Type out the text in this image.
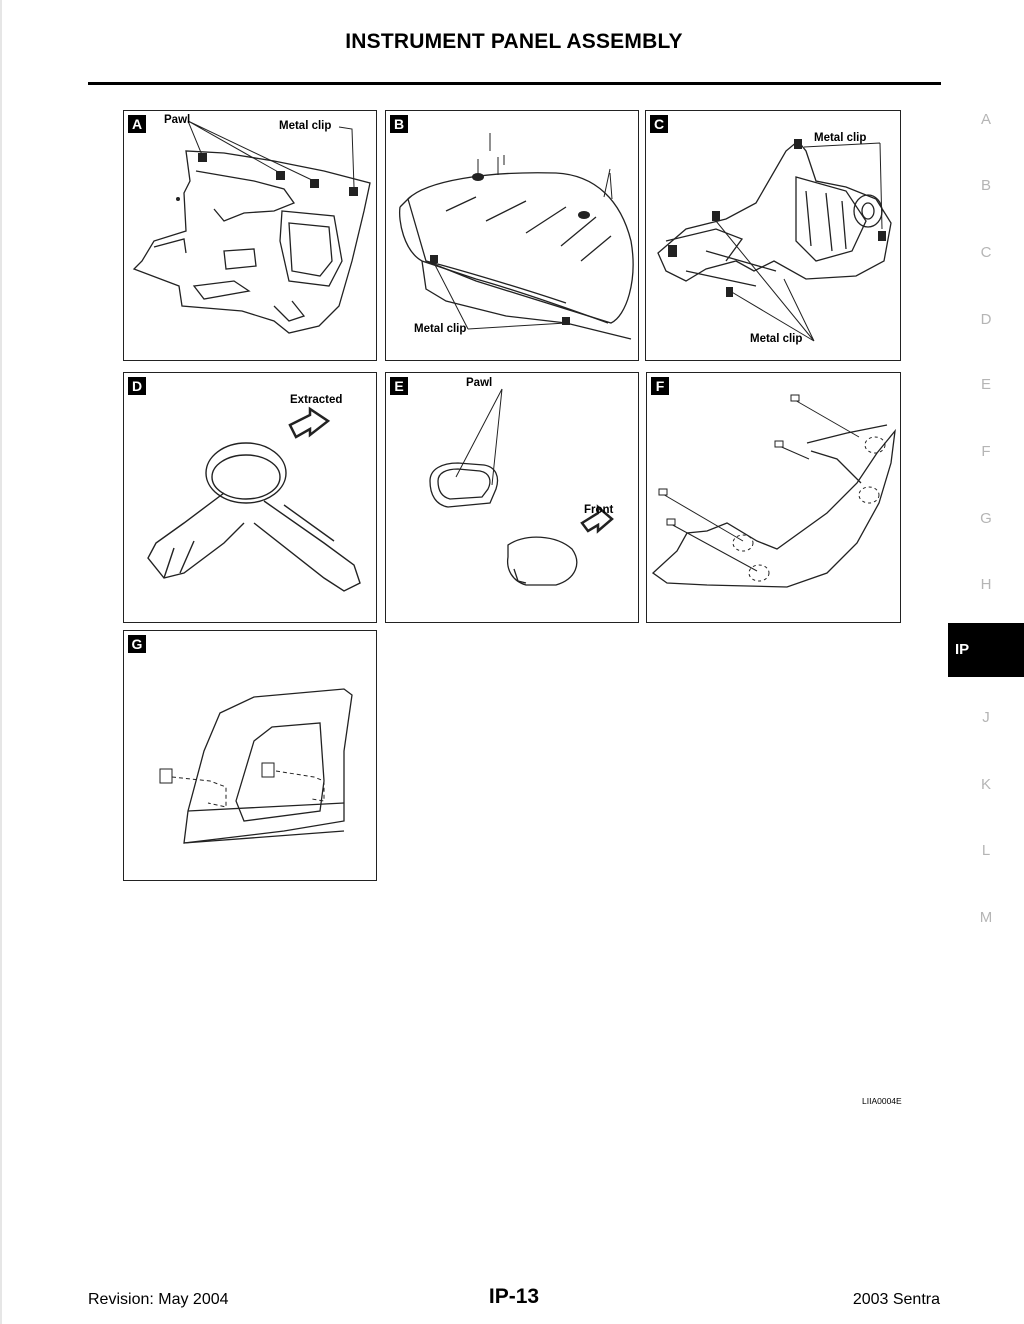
INSTRUMENT PANEL ASSEMBLY
A	Pawl	Metal clip	B
Metal clip
C
Metal clip
Metal clip
D
Extracted
E	Pawl
Front
F
G
LIIA0004E
A
B
C
D
E
F
G
H
IP
J
K
L
M
Revision: May 2004	IP-13	2003 Sentra
